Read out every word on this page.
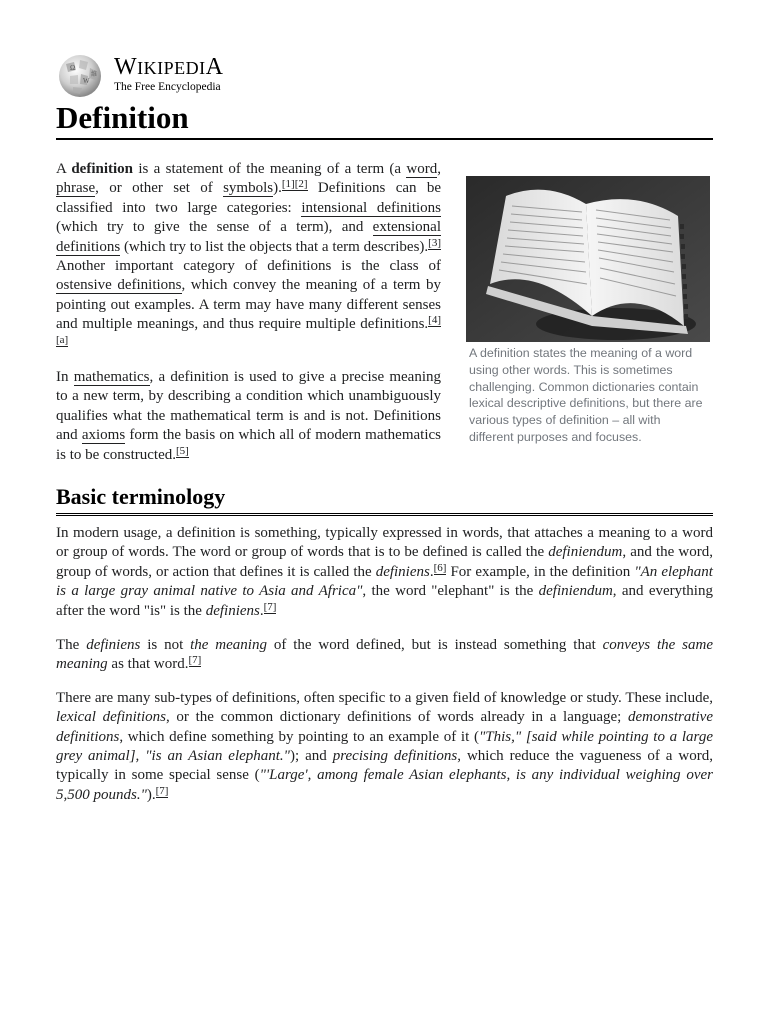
Ω
W
維 WIKIPEDIA
The Free Encyclopedia
Definition

A definition is a statement of the meaning of a term (a word, phrase, or other set of symbols).[1][2] Definitions can be classified into two large categories: intensional definitions (which try to give the sense of a term), and extensional definitions (which try to list the objects that a term describes).[3] Another important category of definitions is the class of ostensive definitions, which convey the meaning of a term by pointing out examples. A term may have many different senses and multiple meanings, and thus require multiple definitions.[4][a]

In mathematics, a definition is used to give a precise meaning to a new term, by describing a condition which unambiguously qualifies what the mathematical term is and is not. Definitions and axioms form the basis on which all of modern mathematics is to be constructed.[5]

A definition states the meaning of a word using other words. This is sometimes challenging. Common dictionaries contain lexical descriptive definitions, but there are various types of definition – all with different purposes and focuses.
Basic terminology

In modern usage, a definition is something, typically expressed in words, that attaches a meaning to a word or group of words. The word or group of words that is to be defined is called the definiendum, and the word, group of words, or action that defines it is called the definiens.[6] For example, in the definition "An elephant is a large gray animal native to Asia and Africa", the word "elephant" is the definiendum, and everything after the word "is" is the definiens.[7]

The definiens is not the meaning of the word defined, but is instead something that conveys the same meaning as that word.[7]

There are many sub-types of definitions, often specific to a given field of knowledge or study. These include, lexical definitions, or the common dictionary definitions of words already in a language; demonstrative definitions, which define something by pointing to an example of it ("This," [said while pointing to a large grey animal], "is an Asian elephant."); and precising definitions, which reduce the vagueness of a word, typically in some special sense ("'Large', among female Asian elephants, is any individual weighing over 5,500 pounds.").[7]
